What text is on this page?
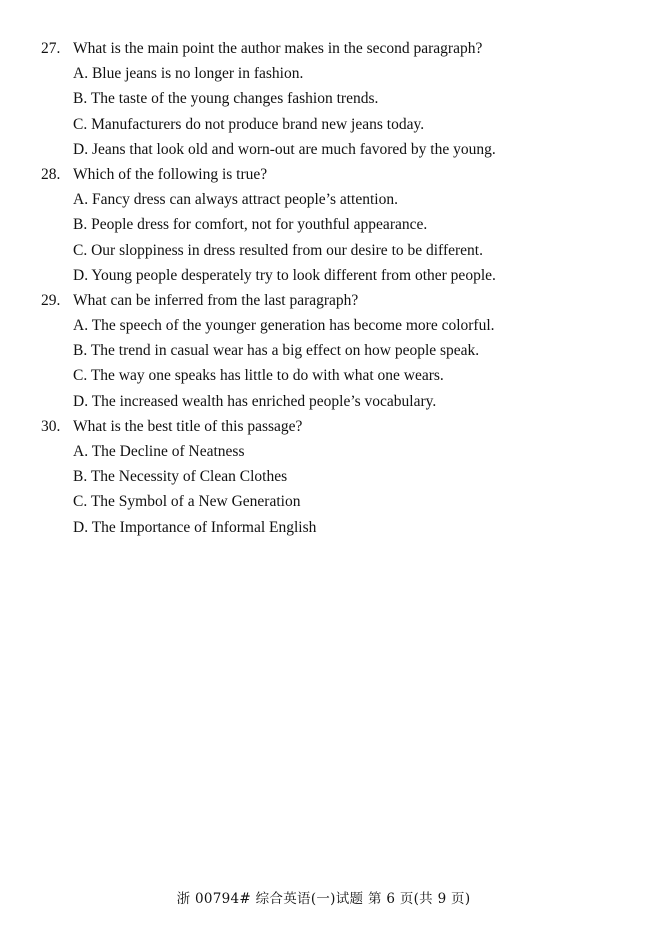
27. What is the main point the author makes in the second paragraph?
A. Blue jeans is no longer in fashion.
B. The taste of the young changes fashion trends.
C. Manufacturers do not produce brand new jeans today.
D. Jeans that look old and worn-out are much favored by the young.
28. Which of the following is true?
A. Fancy dress can always attract people’s attention.
B. People dress for comfort, not for youthful appearance.
C. Our sloppiness in dress resulted from our desire to be different.
D. Young people desperately try to look different from other people.
29. What can be inferred from the last paragraph?
A. The speech of the younger generation has become more colorful.
B. The trend in casual wear has a big effect on how people speak.
C. The way one speaks has little to do with what one wears.
D. The increased wealth has enriched people’s vocabulary.
30. What is the best title of this passage?
A. The Decline of Neatness
B. The Necessity of Clean Clothes
C. The Symbol of a New Generation
D. The Importance of Informal English
浙 00794# 综合英语(一)试题 第 6 页(共 9 页)
